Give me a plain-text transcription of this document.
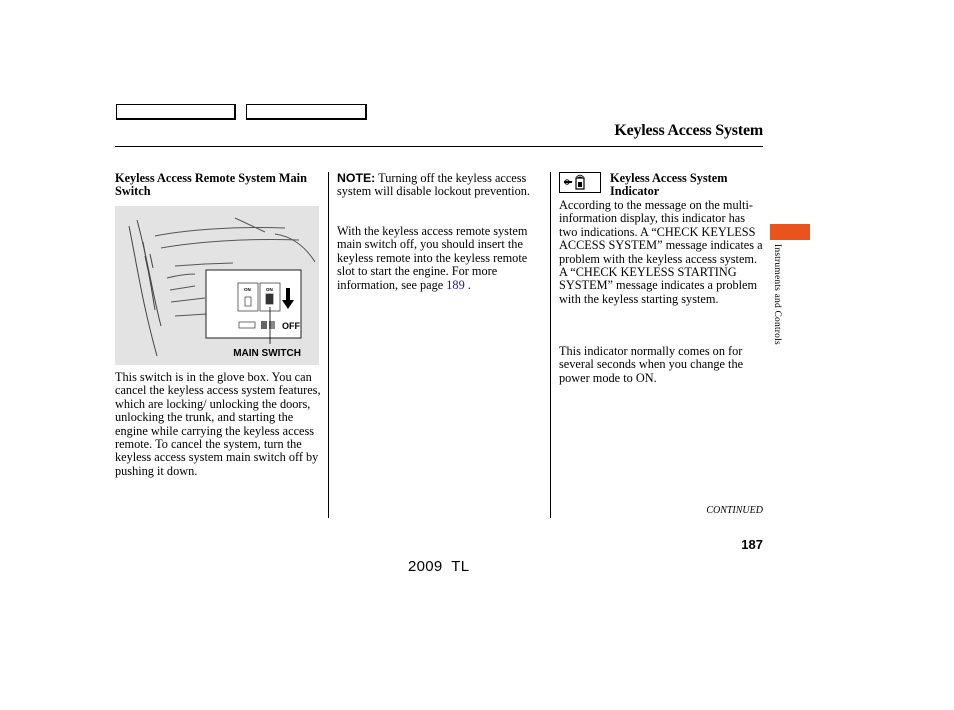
Keyless Access System
Instruments and Controls
Keyless Access Remote System Main Switch
ON	ON
OFF
MAIN SWITCH
This switch is in the glove box. You can cancel the keyless access system features, which are locking/ unlocking the doors, unlocking the trunk, and starting the engine while carrying the keyless access remote. To cancel the system, turn the keyless access system main switch off by pushing it down.
NOTE: Turning off the keyless access system will disable lockout prevention.
With the keyless access remote system main switch off, you should insert the keyless remote into the keyless remote slot to start the engine. For more information, see page 189 .
Keyless Access System Indicator
According to the message on the multi-information display, this indicator has two indications. A “CHECK KEYLESS ACCESS SYSTEM” message indicates a problem with the keyless access system. A “CHECK KEYLESS STARTING SYSTEM” message indicates a problem with the keyless starting system.
This indicator normally comes on for several seconds when you change the power mode to ON.
CONTINUED
187
2009  TL
